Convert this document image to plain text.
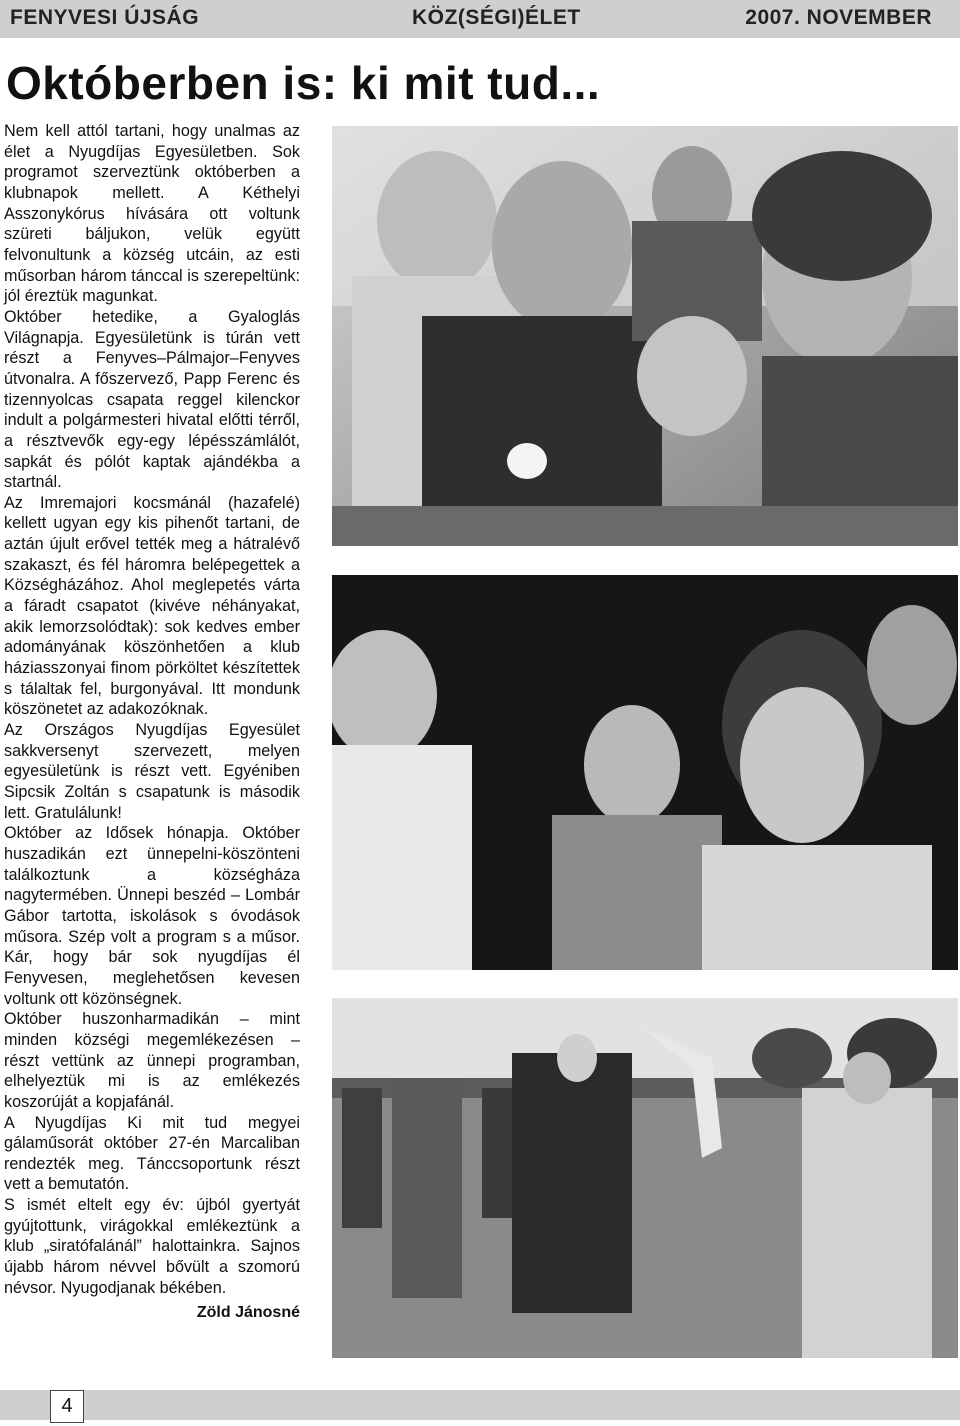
FENYVESI ÚJSÁG	KÖZ(SÉGI)ÉLET	2007. NOVEMBER
Októberben is: ki mit tud...

Nem kell attól tartani, hogy unalmas az élet a Nyugdíjas Egyesületben. Sok programot szerveztünk októberben a klubnapok mellett. A Kéthelyi Asszonykórus hívására ott voltunk szüreti báljukon, velük együtt felvonultunk a község utcáin, az esti műsorban három tánccal is szerepeltünk: jól éreztük magunkat.

Október hetedike, a Gyaloglás Világnapja. Egyesületünk is túrán vett részt a Fenyves–Pálmajor–Fenyves útvonalra. A főszervező, Papp Ferenc és tizennyolcas csapata reggel kilenckor indult a polgármesteri hivatal előtti térről, a résztvevők egy-egy lépésszámlálót, sapkát és pólót kaptak ajándékba a startnál.

Az Imremajori kocsmánál (hazafelé) kellett ugyan egy kis pihenőt tartani, de aztán újult erővel tették meg a hátralévő szakaszt, és fél háromra belépegettek a Községházához. Ahol meglepetés várta a fáradt csapatot (kivéve néhányakat, akik lemorzsolódtak): sok kedves ember adományának köszönhetően a klub háziasszonyai finom pörköltet készítettek s tálaltak fel, burgonyával. Itt mondunk köszönetet az adakozóknak.

Az Országos Nyugdíjas Egyesület sakkversenyt szervezett, melyen egyesületünk is részt vett. Egyéniben Sipcsik Zoltán s csapatunk is második lett. Gratulálunk!

Október az Idősek hónapja. Október huszadikán ezt ünnepelni-köszönteni találkoztunk a községháza nagytermében. Ünnepi beszéd – Lombár Gábor tartotta, iskolások s óvodások műsora. Szép volt a program s a műsor. Kár, hogy bár sok nyugdíjas él Fenyvesen, meglehetősen kevesen voltunk ott közönségnek.

Október huszonharmadikán – mint minden községi megemlékezésen – részt vettünk az ünnepi programban, elhelyeztük mi is az emlékezés koszorúját a kopjafánál.

A Nyugdíjas Ki mit tud megyei gálaműsorát október 27-én Marcaliban rendezték meg. Tánccsoportunk részt vett a bemutatón.

S ismét eltelt egy év: újból gyertyát gyújtottunk, virágokkal emlékeztünk a klub „siratófalánál” halottainkra. Sajnos újabb három névvel bővült a szomorú névsor. Nyugodjanak békében.

Zöld Jánosné

4
